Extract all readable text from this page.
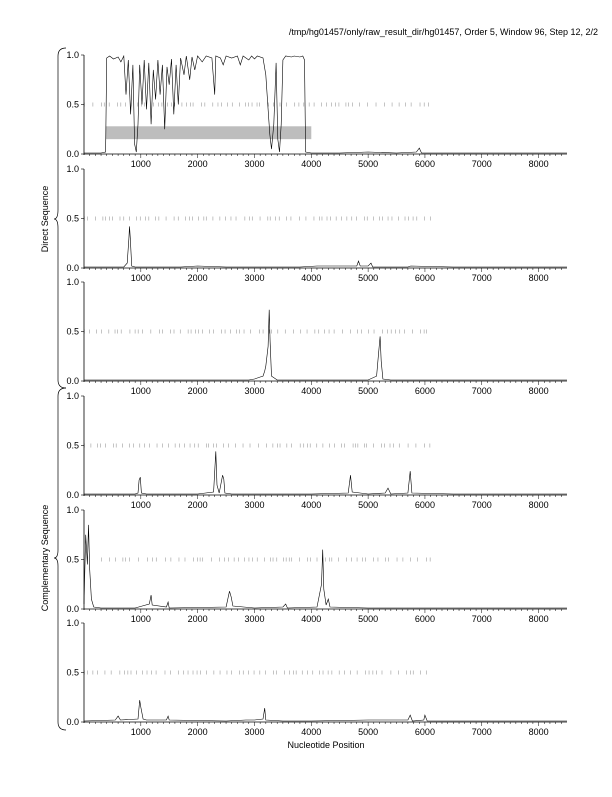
/tmp/hg01457/only/raw_result_dir/hg01457, Order 5, Window 96, Step 12, 2/2
0.0
0.5
1.0
1000	2000	3000	4000	5000	6000	7000	8000
0.0
0.5
1.0
1000	2000	3000	4000	5000	6000	7000	8000
0.0
0.5
1.0
1000	2000	3000	4000	5000	6000	7000	8000
0.0
0.5
1.0
1000	2000	3000	4000	5000	6000	7000	8000
0.0
0.5
1.0
1000	2000	3000	4000	5000	6000	7000	8000
0.0
0.5
1.0
1000	2000	3000	4000	5000	6000	7000	8000
Direct Sequence
Complementary Sequence
Nucleotide Position
